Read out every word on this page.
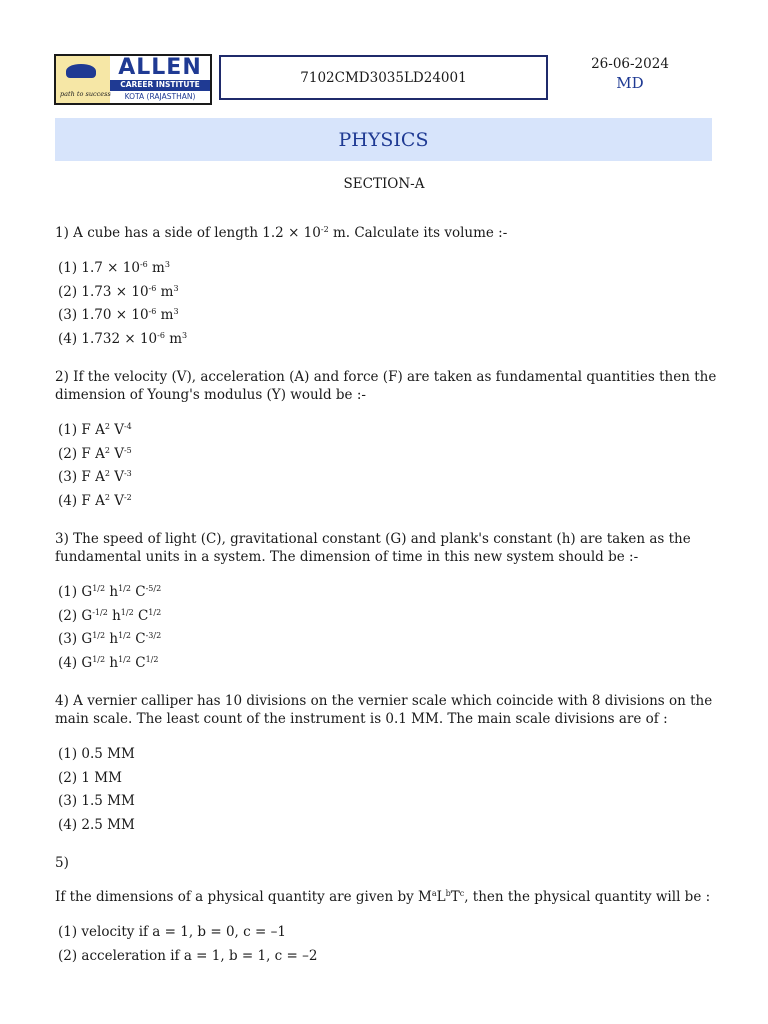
path to success
ALLEN
CAREER INSTITUTE
KOTA (RAJASTHAN)
7102CMD3035LD24001
26-06-2024
MD
PHYSICS
SECTION-A

1) A cube has a side of length $1.2 \times 10^{-2}$ m. Calculate its volume :-

(1) $1.7 \times 10^{-6}$ $m^3$
(2) $1.73 \times 10^{-6}$ $m^3$
(3) $1.70 \times 10^{-6}$ $m^3$
(4) $1.732 \times 10^{-6}$ $m^3$

2) If the velocity (V), acceleration (A) and force (F) are taken as fundamental quantities then the dimension of Young's modulus (Y) would be :-

(1) F $A^2$ $V^{-4}$
(2) F $A^2$ $V^{-5}$
(3) F $A^2$ $V^{-3}$
(4) F $A^2$ $V^{-2}$

3) The speed of light (C), gravitational constant (G) and plank's constant (h) are taken as the fundamental units in a system. The dimension of time in this new system should be :-

(1) $G^{1/2}$ $h^{1/2}$ $C^{-5/2}$
(2) $G^{-1/2}$ $h^{1/2}$ $C^{1/2}$
(3) $G^{1/2}$ $h^{1/2}$ $C^{-3/2}$
(4) $G^{1/2}$ $h^{1/2}$ $C^{1/2}$

4) A vernier calliper has 10 divisions on the vernier scale which coincide with 8 divisions on the main scale. The least count of the instrument is 0.1 MM. The main scale divisions are of :

(1) 0.5 MM
(2) 1 MM
(3) 1.5 MM
(4) 2.5 MM

5)

If the dimensions of a physical quantity are given by $M^aL^bT^c$, then the physical quantity will be :

(1) velocity if a = 1, b = 0, c = –1
(2) acceleration if a = 1, b = 1, c = –2
